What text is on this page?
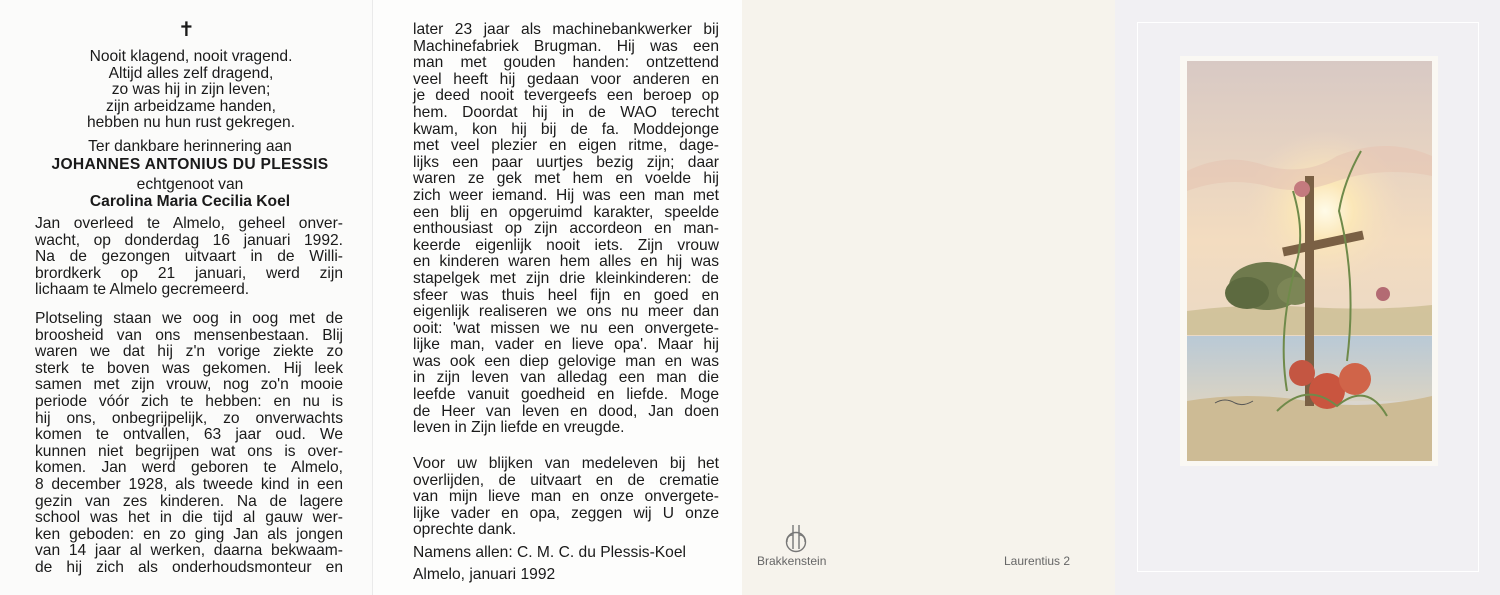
✝
Nooit klagend, nooit vragend.
Altijd alles zelf dragend,
zo was hij in zijn leven;
zijn arbeidzame handen,
hebben nu hun rust gekregen.
Ter dankbare herinnering aan
JOHANNES ANTONIUS DU PLESSIS
echtgenoot van
Carolina Maria Cecilia Koel
Jan overleed te Almelo, geheel onver-
wacht, op donderdag 16 januari 1992.
Na de gezongen uitvaart in de Willi-
brordkerk op 21 januari, werd zijn
lichaam te Almelo gecremeerd.
Plotseling staan we oog in oog met de
broosheid van ons mensenbestaan. Blij
waren we dat hij z'n vorige ziekte zo
sterk te boven was gekomen. Hij leek
samen met zijn vrouw, nog zo'n mooie
periode vóór zich te hebben: en nu is
hij ons, onbegrijpelijk, zo onverwachts
komen te ontvallen, 63 jaar oud. We
kunnen niet begrijpen wat ons is over-
komen. Jan werd geboren te Almelo,
8 december 1928, als tweede kind in een
gezin van zes kinderen. Na de lagere
school was het in die tijd al gauw wer-
ken geboden: en zo ging Jan als jongen
van 14 jaar al werken, daarna bekwaam-
de hij zich als onderhoudsmonteur en
later 23 jaar als machinebankwerker bij
Machinefabriek Brugman. Hij was een
man met gouden handen: ontzettend
veel heeft hij gedaan voor anderen en
je deed nooit tevergeefs een beroep op
hem. Doordat hij in de WAO terecht
kwam, kon hij bij de fa. Moddejonge
met veel plezier en eigen ritme, dage-
lijks een paar uurtjes bezig zijn; daar
waren ze gek met hem en voelde hij
zich weer iemand. Hij was een man met
een blij en opgeruimd karakter, speelde
enthousiast op zijn accordeon en man-
keerde eigenlijk nooit iets. Zijn vrouw
en kinderen waren hem alles en hij was
stapelgek met zijn drie kleinkinderen: de
sfeer was thuis heel fijn en goed en
eigenlijk realiseren we ons nu meer dan
ooit: 'wat missen we nu een onvergete-
lijke man, vader en lieve opa'. Maar hij
was ook een diep gelovige man en was
in zijn leven van alledag een man die
leefde vanuit goedheid en liefde. Moge
de Heer van leven en dood, Jan doen
leven in Zijn liefde en vreugde.
Voor uw blijken van medeleven bij het
overlijden, de uitvaart en de crematie
van mijn lieve man en onze onvergete-
lijke vader en opa, zeggen wij U onze
oprechte dank.
Namens allen: C. M. C. du Plessis-Koel
Almelo, januari 1992
Brakkenstein	Laurentius 2
